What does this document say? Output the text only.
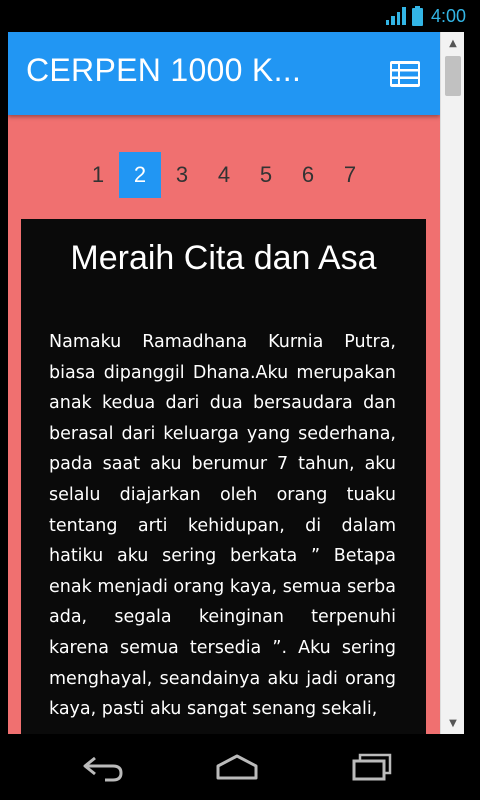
4:00
CERPEN 1000 K...
1	2	3	4	5	6	7
Meraih Cita dan Asa
Namaku Ramadhana Kurnia Putra, biasa dipanggil Dhana.Aku merupakan anak kedua dari dua bersaudara dan berasal dari keluarga yang sederhana, pada saat aku berumur 7 tahun, aku selalu diajarkan oleh orang tuaku tentang arti kehidupan, di dalam hatiku aku sering berkata ” Betapa enak menjadi orang kaya, semua serba ada, segala keinginan terpenuhi karena semua tersedia ”. Aku sering menghayal, seandainya aku jadi orang kaya, pasti aku sangat senang sekali,
▲
▼
